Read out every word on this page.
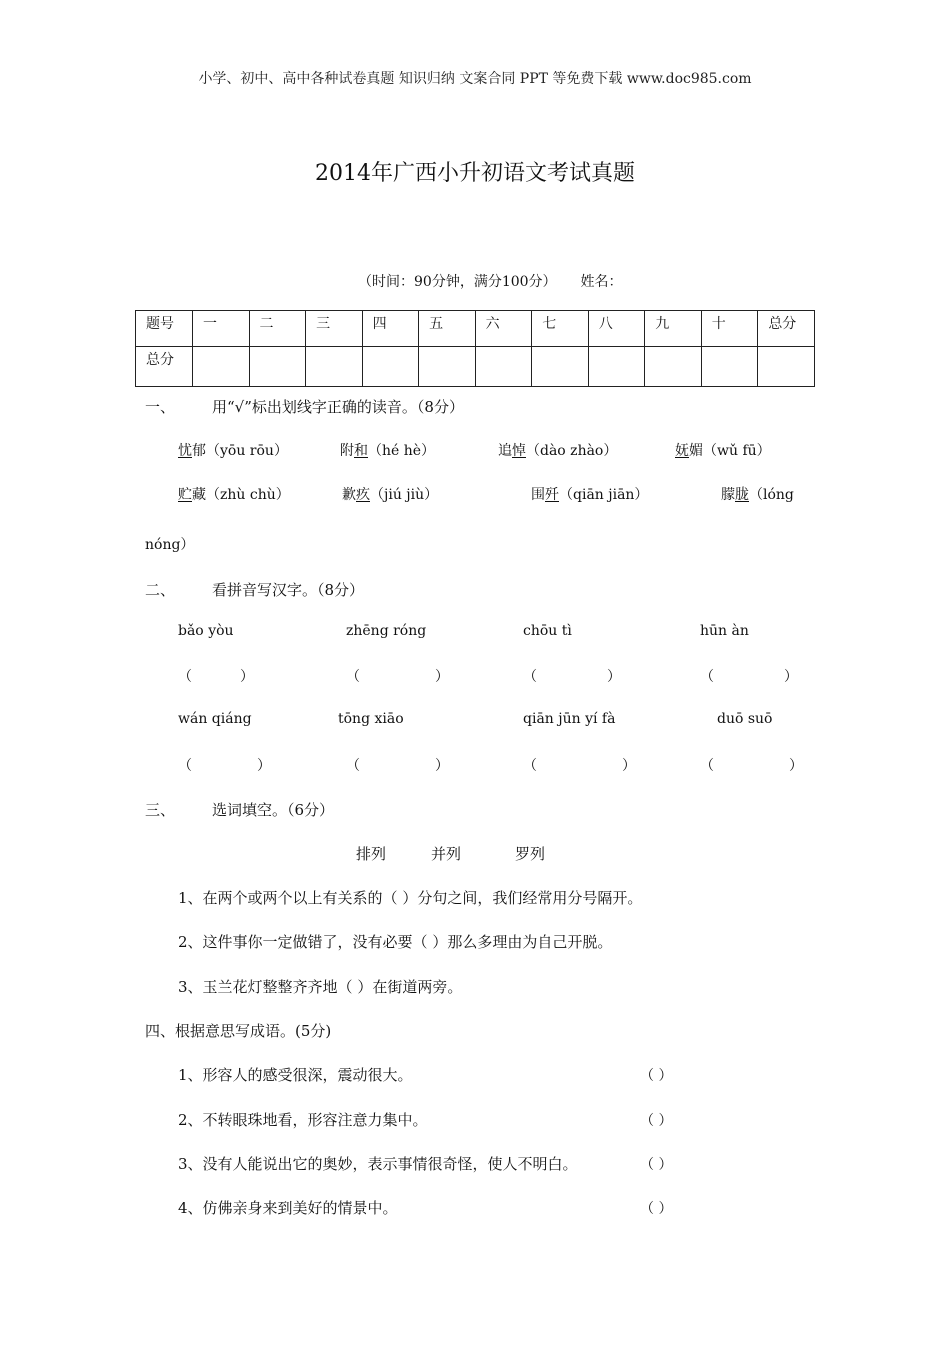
小学、初中、高中各种试卷真题 知识归纳 文案合同 PPT 等免费下载 www.doc985.com
2014年广西小升初语文考试真题
（时间：90分钟，满分100分） 姓名：
题号	一	二	三	四	五	六	七	八	九	十	总分
总分											
一、 用“√”标出划线字正确的读音。（8分）
忧郁（yōu rōu）	附和（hé hè）	追悼（dào zhào）	妩媚（wǔ fū）
贮藏（zhù chù）	歉疚（jiú jiù）	围歼（qiān jiān）	朦胧（lóng
nóng）
二、 看拼音写汉字。（8分）
bǎo yòu	zhēng róng	chōu tì	hūn àn
（	）	（	）	（	）	（	）
wán qiáng	tōng xiāo	qiān jūn yí fà	duō suō
（	）	（	）	（	）	（	）
三、 选词填空。（6分）
排列	并列	罗列
1、在两个或两个以上有关系的（ ）分句之间，我们经常用分号隔开。
2、这件事你一定做错了，没有必要（ ）那么多理由为自己开脱。
3、玉兰花灯整整齐齐地（ ）在街道两旁。
四、根据意思写成语。(5分)
1、形容人的感受很深，震动很大。	（ ）
2、不转眼珠地看，形容注意力集中。	（ ）
3、没有人能说出它的奥妙，表示事情很奇怪，使人不明白。	（ ）
4、仿佛亲身来到美好的情景中。	（ ）
